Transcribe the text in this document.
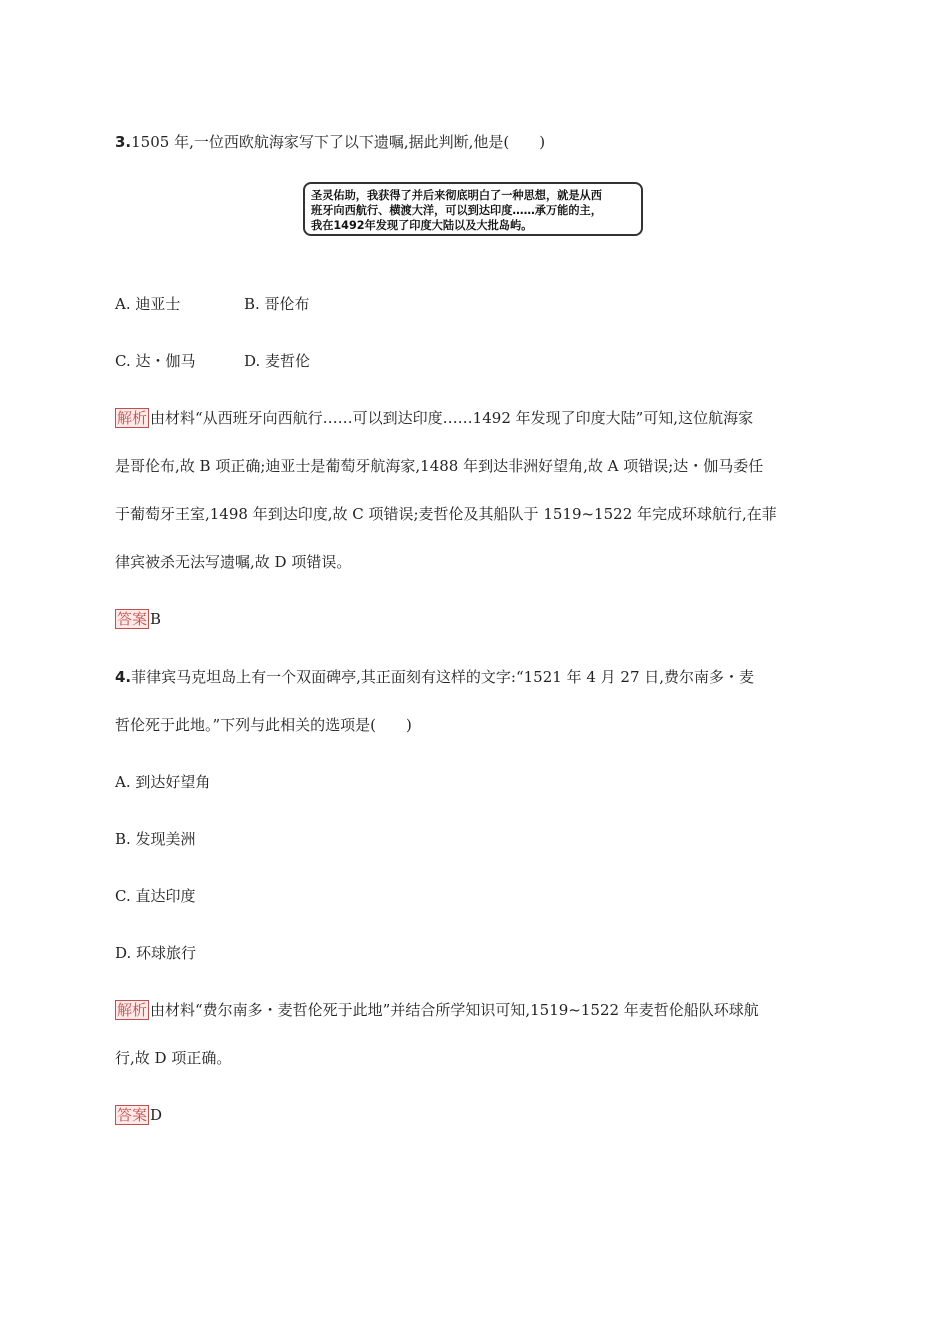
3.1505 年,一位西欧航海家写下了以下遗嘱,据此判断,他是(　　)
圣灵佑助，我获得了并后来彻底明白了一种思想，就是从西
班牙向西航行、横渡大洋，可以到达印度……承万能的主，
我在1492年发现了印度大陆以及大批岛屿。
A. 迪亚士	B. 哥伦布
C. 达・伽马	D. 麦哲伦
解析 由材料“从西班牙向西航行……可以到达印度……1492 年发现了印度大陆”可知,这位航海家
是哥伦布,故 B 项正确;迪亚士是葡萄牙航海家,1488 年到达非洲好望角,故 A 项错误;达・伽马委任
于葡萄牙王室,1498 年到达印度,故 C 项错误;麦哲伦及其船队于 1519~1522 年完成环球航行,在菲
律宾被杀无法写遗嘱,故 D 项错误。
答案 B
4.菲律宾马克坦岛上有一个双面碑亭,其正面刻有这样的文字:“1521 年 4 月 27 日,费尔南多・麦
哲伦死于此地。”下列与此相关的选项是(　　)
A. 到达好望角
B. 发现美洲
C. 直达印度
D. 环球旅行
解析 由材料“费尔南多・麦哲伦死于此地”并结合所学知识可知,1519~1522 年麦哲伦船队环球航
行,故 D 项正确。
答案 D
